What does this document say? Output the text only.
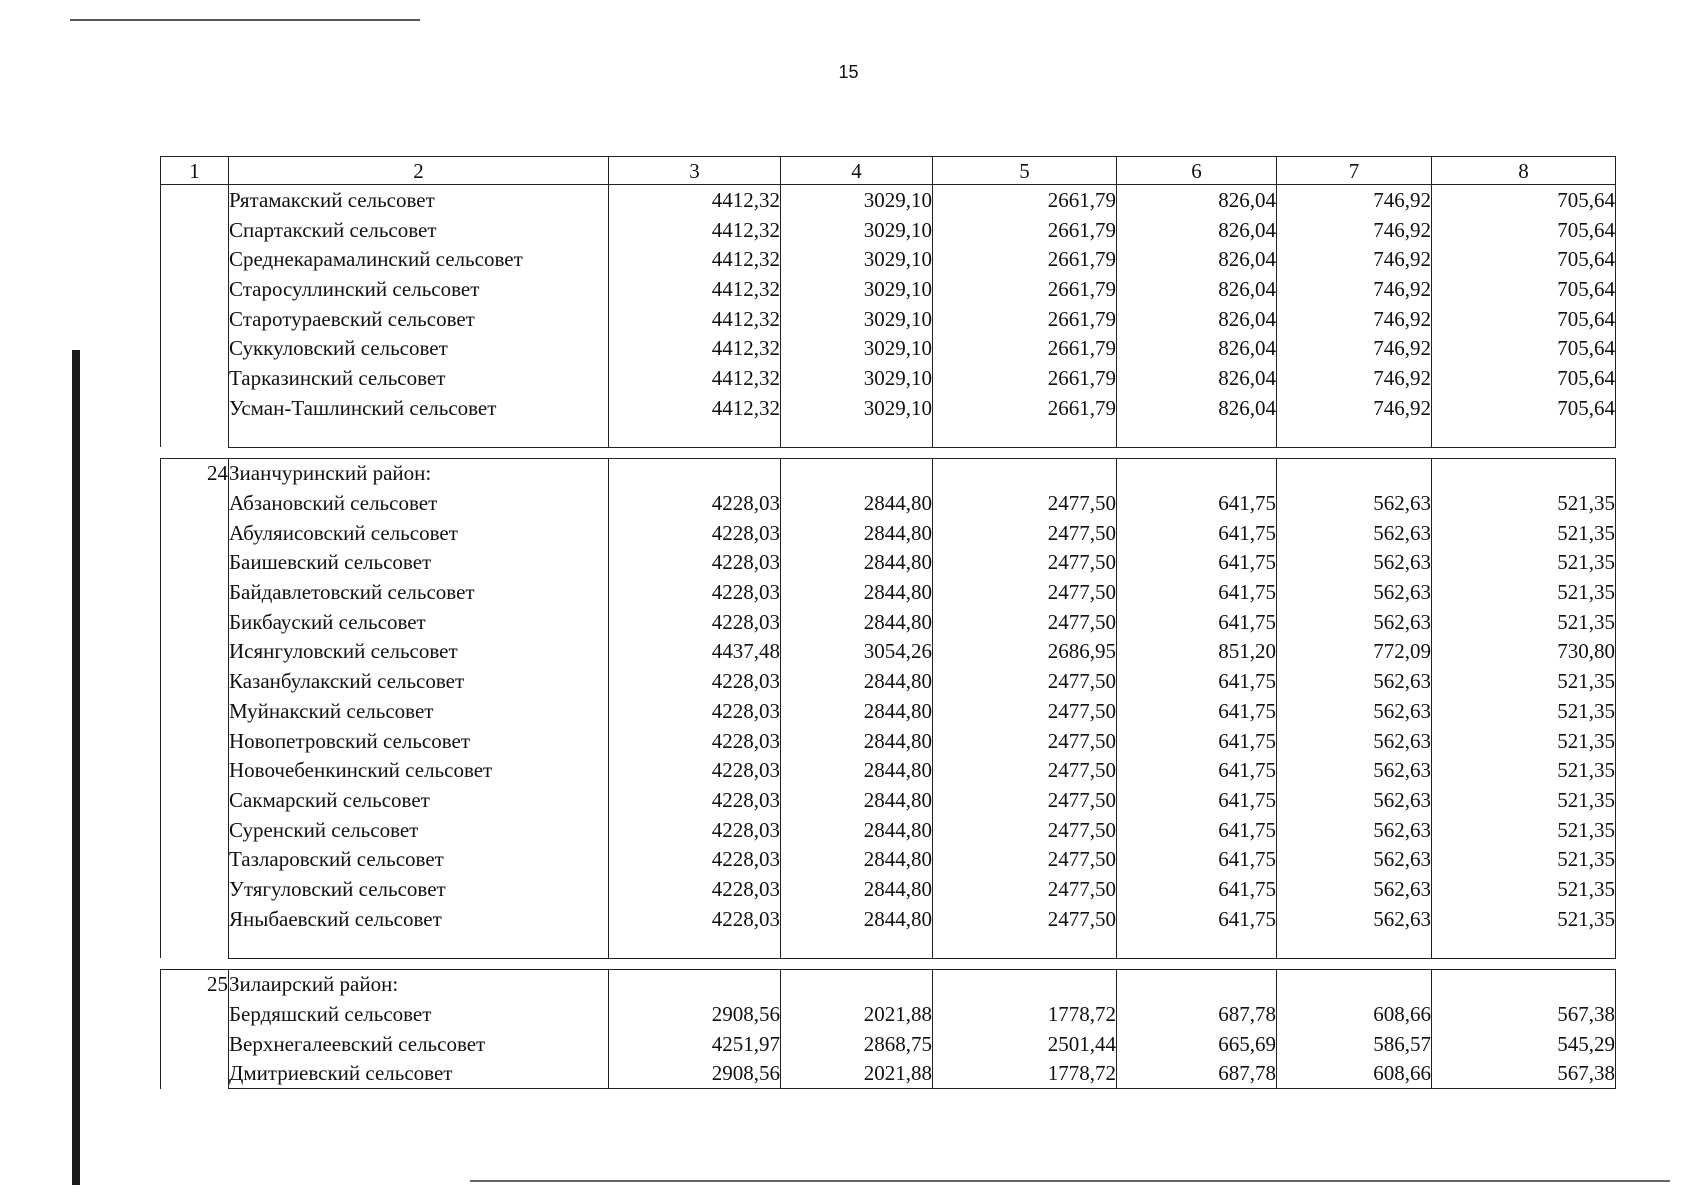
15
1	2	3	4	5	6	7	8
	Рятамакский сельсовет	4412,32	3029,10	2661,79	826,04	746,92	705,64
	Спартакский сельсовет	4412,32	3029,10	2661,79	826,04	746,92	705,64
	Среднекарамалинский сельсовет	4412,32	3029,10	2661,79	826,04	746,92	705,64
	Старосуллинский сельсовет	4412,32	3029,10	2661,79	826,04	746,92	705,64
	Старотураевский сельсовет	4412,32	3029,10	2661,79	826,04	746,92	705,64
	Суккуловский сельсовет	4412,32	3029,10	2661,79	826,04	746,92	705,64
	Тарказинский сельсовет	4412,32	3029,10	2661,79	826,04	746,92	705,64
	Усман-Ташлинский сельсовет	4412,32	3029,10	2661,79	826,04	746,92	705,64

24	Зианчуринский район:						
	Абзановский сельсовет	4228,03	2844,80	2477,50	641,75	562,63	521,35
	Абуляисовский сельсовет	4228,03	2844,80	2477,50	641,75	562,63	521,35
	Баишевский сельсовет	4228,03	2844,80	2477,50	641,75	562,63	521,35
	Байдавлетовский сельсовет	4228,03	2844,80	2477,50	641,75	562,63	521,35
	Бикбауский сельсовет	4228,03	2844,80	2477,50	641,75	562,63	521,35
	Исянгуловский сельсовет	4437,48	3054,26	2686,95	851,20	772,09	730,80
	Казанбулакский сельсовет	4228,03	2844,80	2477,50	641,75	562,63	521,35
	Муйнакский сельсовет	4228,03	2844,80	2477,50	641,75	562,63	521,35
	Новопетровский сельсовет	4228,03	2844,80	2477,50	641,75	562,63	521,35
	Новочебенкинский сельсовет	4228,03	2844,80	2477,50	641,75	562,63	521,35
	Сакмарский сельсовет	4228,03	2844,80	2477,50	641,75	562,63	521,35
	Суренский сельсовет	4228,03	2844,80	2477,50	641,75	562,63	521,35
	Тазларовский сельсовет	4228,03	2844,80	2477,50	641,75	562,63	521,35
	Утягуловский сельсовет	4228,03	2844,80	2477,50	641,75	562,63	521,35
	Яныбаевский сельсовет	4228,03	2844,80	2477,50	641,75	562,63	521,35

25	Зилаирский район:						
	Бердяшский сельсовет	2908,56	2021,88	1778,72	687,78	608,66	567,38
	Верхнегалеевский сельсовет	4251,97	2868,75	2501,44	665,69	586,57	545,29
	Дмитриевский сельсовет	2908,56	2021,88	1778,72	687,78	608,66	567,38
